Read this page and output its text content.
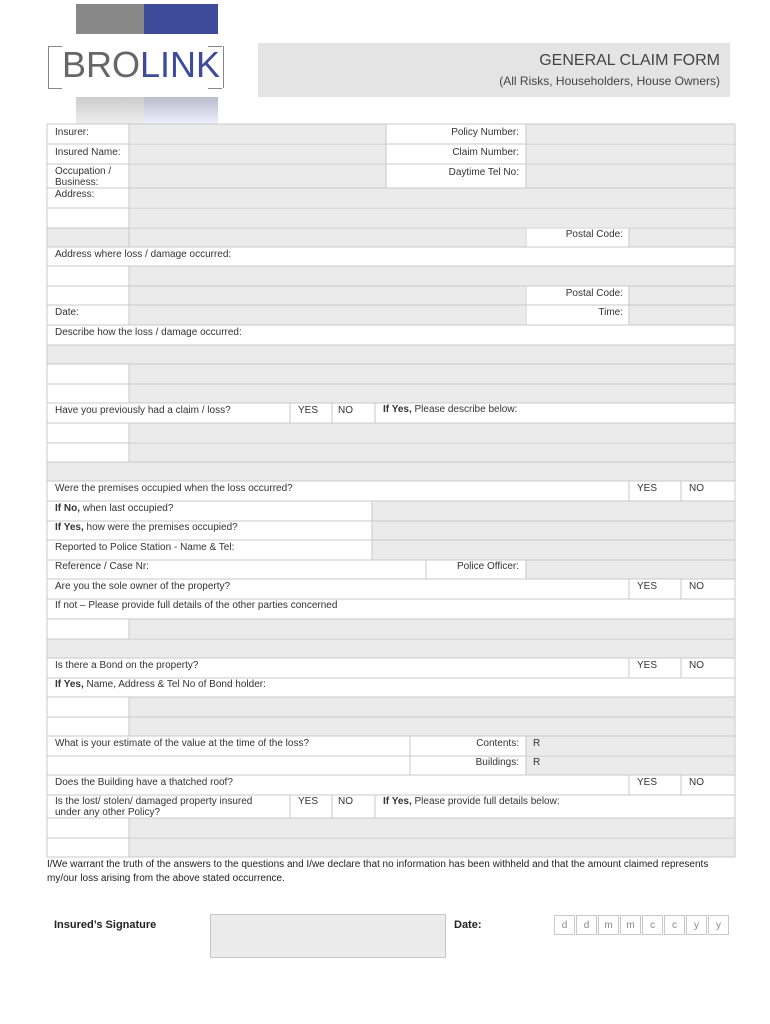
BROLINK	GENERAL CLAIM FORM
(All Risks, Householders, House Owners)
Insurer:	Policy Number:
Insured Name:	Claim Number:
Occupation /
Business:
Daytime Tel No:
Address:
Postal Code:
Address where loss / damage occurred:
Postal Code:
Date:	Time:
Describe how the loss / damage occurred:
Have you previously had a claim / loss?	YES NO	If Yes, Please describe below:
Were the premises occupied when the loss occurred?	YES	NO
If No, when last occupied?
If Yes, how were the premises occupied?
Reported to Police Station - Name & Tel:
Reference / Case Nr:	Police Officer:
Are you the sole owner of the property?	YES	NO
If not – Please provide full details of the other parties concerned
Is there a Bond on the property?	YES	NO
If Yes, Name, Address & Tel No of Bond holder:
What is your estimate of the value at the time of the loss?	Contents: R
Buildings: R
Does the Building have a thatched roof?	YES	NO
Is the lost/ stolen/ damaged property insured
under any other Policy?
YES NO	If Yes, Please provide full details below:
I/We warrant the truth of the answers to the questions and I/we declare that no information has been withheld and that the amount claimed represents my/our loss arising from the above stated occurrence.
Insured’s Signature	Date:	d	d	m	m	c	c	y	y
